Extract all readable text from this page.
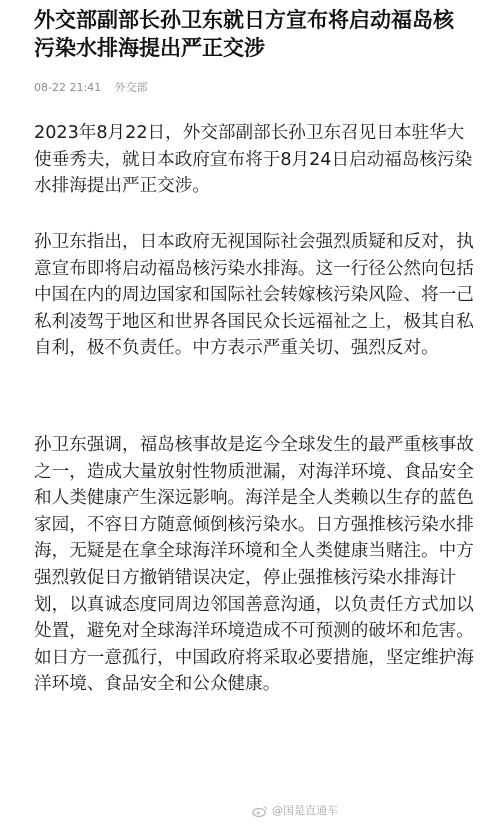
外交部副部长孙卫东就日方宣布将启动福岛核污染水排海提出严正交涉
08-22 21:41 外交部

2023年8月22日，外交部副部长孙卫东召见日本驻华大使垂秀夫，就日本政府宣布将于8月24日启动福岛核污染水排海提出严正交涉。

孙卫东指出，日本政府无视国际社会强烈质疑和反对，执意宣布即将启动福岛核污染水排海。这一行径公然向包括中国在内的周边国家和国际社会转嫁核污染风险、将一己私利凌驾于地区和世界各国民众长远福祉之上，极其自私自利，极不负责任。中方表示严重关切、强烈反对。

孙卫东强调，福岛核事故是迄今全球发生的最严重核事故之一，造成大量放射性物质泄漏，对海洋环境、食品安全和人类健康产生深远影响。海洋是全人类赖以生存的蓝色家园，不容日方随意倾倒核污染水。日方强推核污染水排海，无疑是在拿全球海洋环境和全人类健康当赌注。中方强烈敦促日方撤销错误决定，停止强推核污染水排海计划，以真诚态度同周边邻国善意沟通，以负责任方式加以处置，避免对全球海洋环境造成不可预测的破坏和危害。如日方一意孤行，中国政府将采取必要措施，坚定维护海洋环境、食品安全和公众健康。

@国是直通车
